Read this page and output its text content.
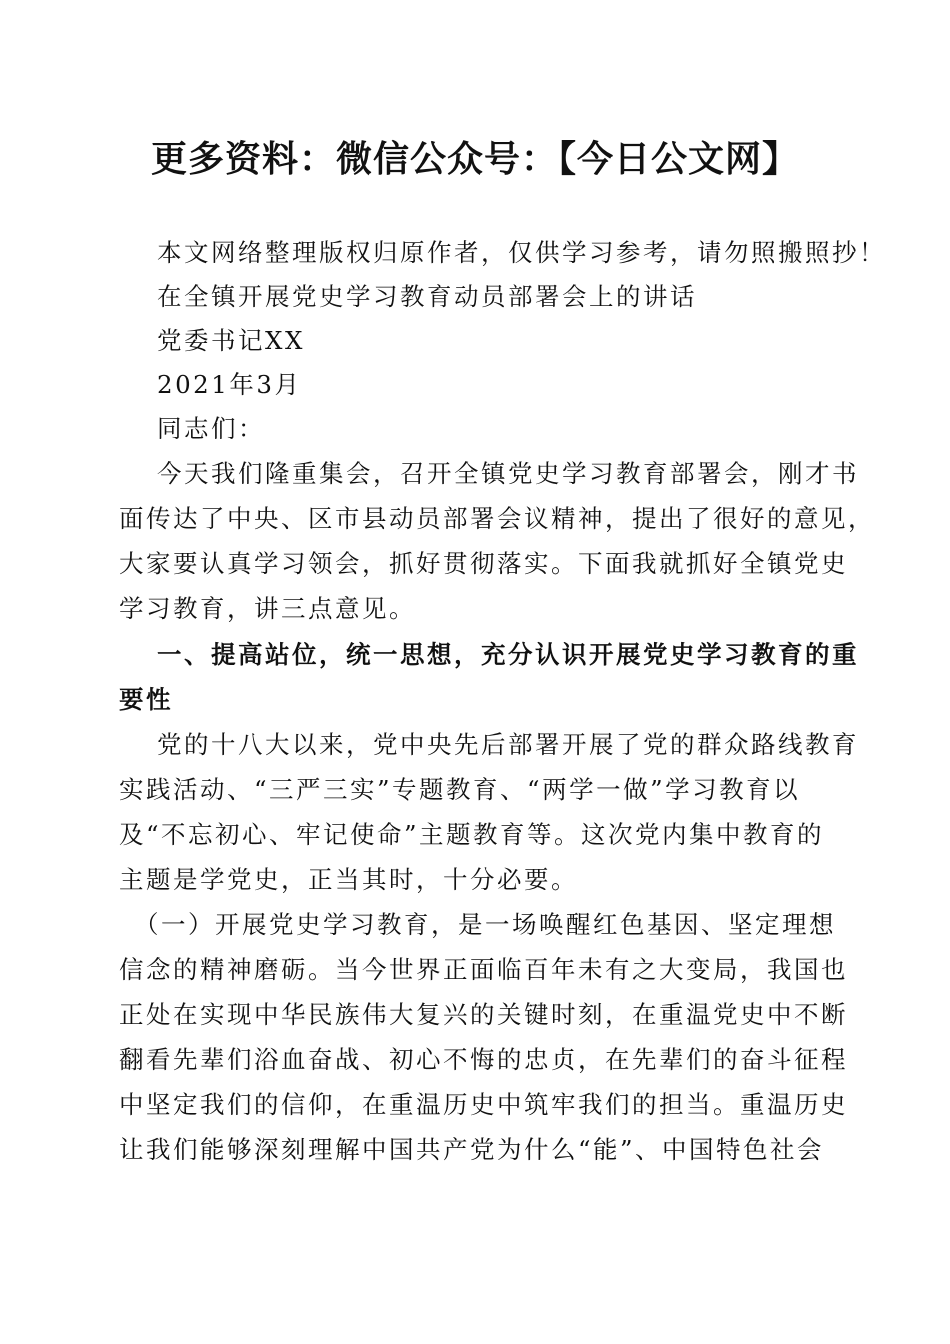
更多资料：微信公众号：【今日公文网】
本文网络整理版权归原作者，仅供学习参考，请勿照搬照抄！
在全镇开展党史学习教育动员部署会上的讲话
党委书记XX
2021年3月
同志们：
今天我们隆重集会，召开全镇党史学习教育部署会，刚才书
面传达了中央、区市县动员部署会议精神，提出了很好的意见，
大家要认真学习领会，抓好贯彻落实。下面我就抓好全镇党史
学习教育，讲三点意见。
一、提高站位，统一思想，充分认识开展党史学习教育的重
要性
党的十八大以来，党中央先后部署开展了党的群众路线教育
实践活动、“三严三实”专题教育、“两学一做”学习教育以
及“不忘初心、牢记使命”主题教育等。这次党内集中教育的
主题是学党史，正当其时，十分必要。
（一）开展党史学习教育，是一场唤醒红色基因、坚定理想
信念的精神磨砺。当今世界正面临百年未有之大变局，我国也
正处在实现中华民族伟大复兴的关键时刻，在重温党史中不断
翻看先辈们浴血奋战、初心不悔的忠贞，在先辈们的奋斗征程
中坚定我们的信仰，在重温历史中筑牢我们的担当。重温历史
让我们能够深刻理解中国共产党为什么“能”、中国特色社会
